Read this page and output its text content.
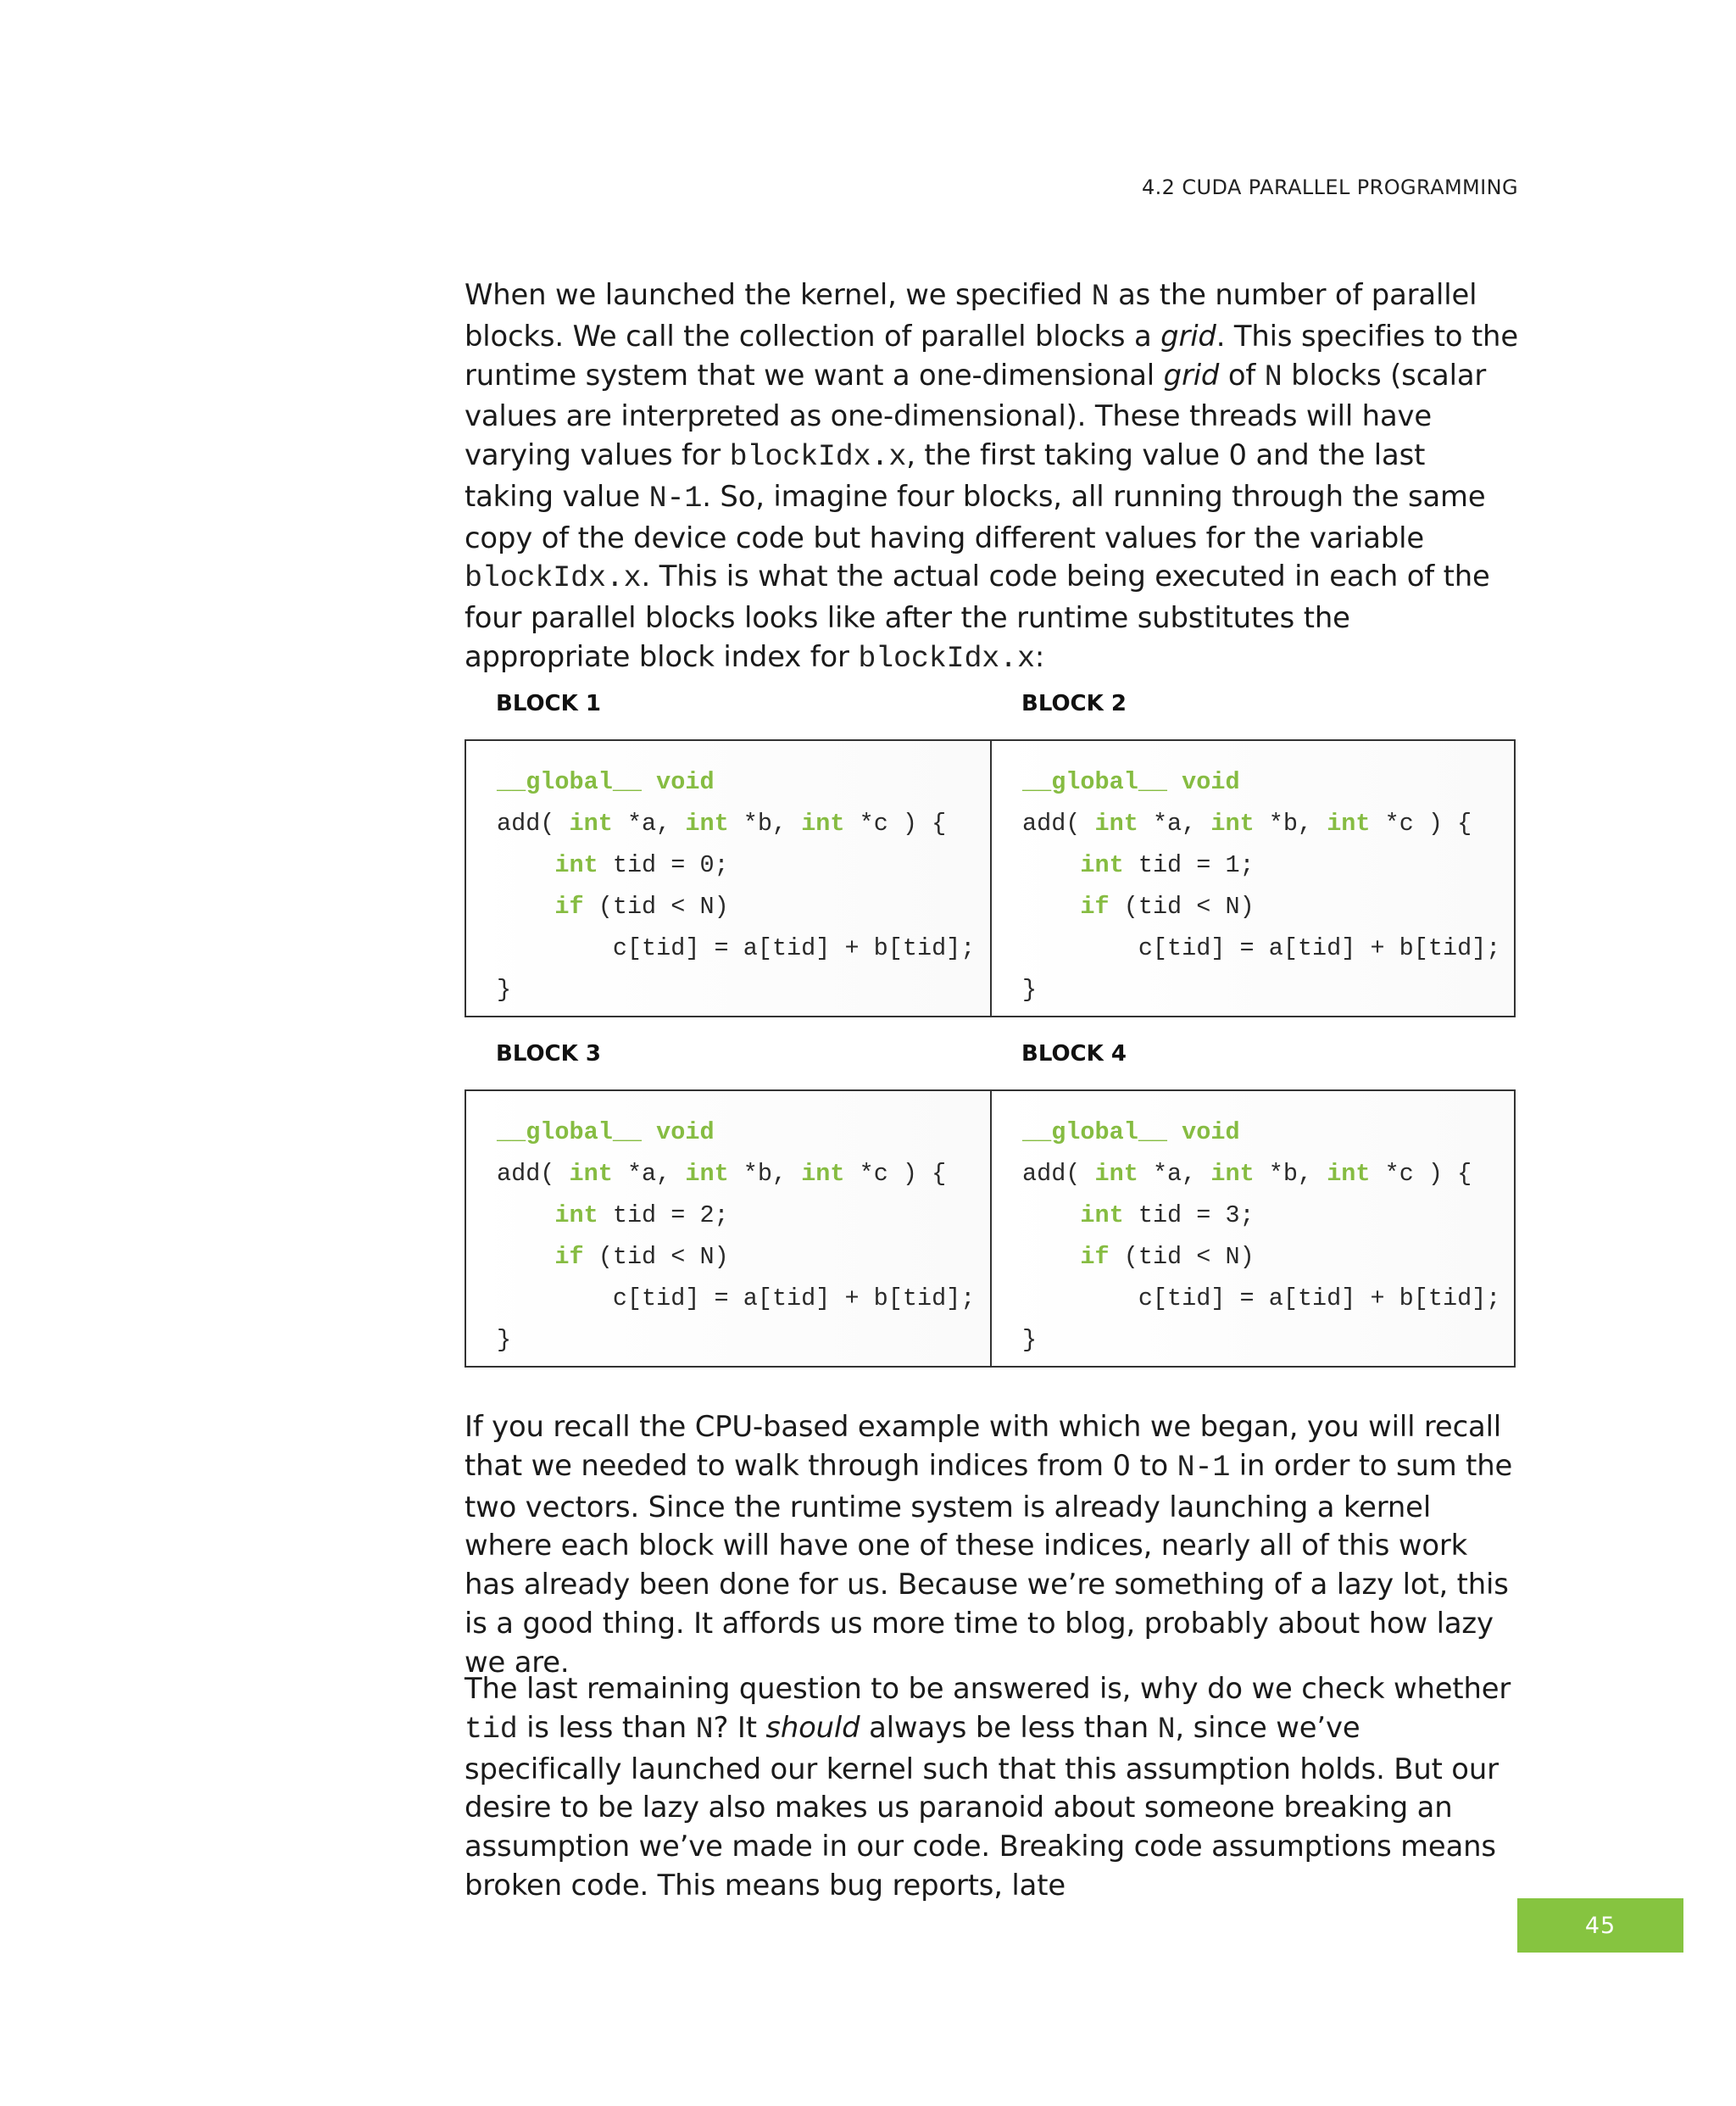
4.2 CUDA PARALLEL PROGRAMMING

When we launched the kernel, we specified N as the number of parallel blocks. We call the collection of parallel blocks a grid. This specifies to the runtime system that we want a one-dimensional grid of N blocks (scalar values are interpreted as one-dimensional). These threads will have varying values for blockIdx.x, the first taking value 0 and the last taking value N-1. So, imagine four blocks, all running through the same copy of the device code but having different values for the variable blockIdx.x. This is what the actual code being executed in each of the four parallel blocks looks like after the runtime substitutes the appropriate block index for blockIdx.x:

If you recall the CPU-based example with which we began, you will recall that we needed to walk through indices from 0 to N-1 in order to sum the two vectors. Since the runtime system is already launching a kernel where each block will have one of these indices, nearly all of this work has already been done for us. Because we’re something of a lazy lot, this is a good thing. It affords us more time to blog, probably about how lazy we are.

The last remaining question to be answered is, why do we check whether tid is less than N? It should always be less than N, since we’ve specifically launched our kernel such that this assumption holds. But our desire to be lazy also makes us paranoid about someone breaking an assumption we’ve made in our code. Breaking code assumptions means broken code. This means bug reports, late

BLOCK 1	BLOCK 2
BLOCK 3	BLOCK 4
__global__ void
add( int *a, int *b, int *c ) {
int tid = 0;
if (tid < N)
c[tid] = a[tid] + b[tid];
}
__global__ void
add( int *a, int *b, int *c ) {
int tid = 1;
if (tid < N)
c[tid] = a[tid] + b[tid];
}
__global__ void
add( int *a, int *b, int *c ) {
int tid = 2;
if (tid < N)
c[tid] = a[tid] + b[tid];
}
__global__ void
add( int *a, int *b, int *c ) {
int tid = 3;
if (tid < N)
c[tid] = a[tid] + b[tid];
}
45
